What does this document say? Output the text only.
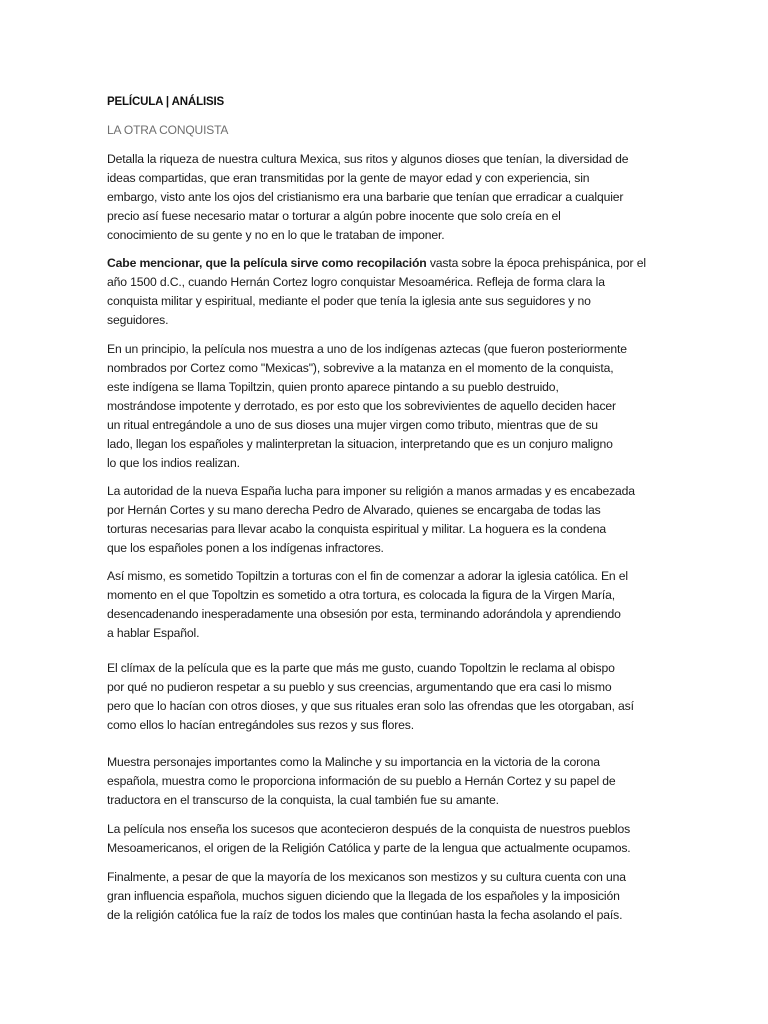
PELÍCULA | ANÁLISIS
LA OTRA CONQUISTA
Detalla la riqueza de nuestra cultura Mexica, sus ritos y algunos dioses que tenían, la diversidad de
ideas compartidas, que eran transmitidas por la gente de mayor edad y con experiencia, sin
embargo, visto ante los ojos del cristianismo era una barbarie que tenían que erradicar a cualquier
precio así fuese necesario matar o torturar a algún pobre inocente que solo creía en el
conocimiento de su gente y no en lo que le trataban de imponer.
Cabe mencionar, que la película sirve como recopilación vasta sobre la época prehispánica, por el
año 1500 d.C., cuando Hernán Cortez logro conquistar Mesoamérica. Refleja de forma clara la
conquista militar y espiritual, mediante el poder que tenía la iglesia ante sus seguidores y no
seguidores.
En un principio, la película nos muestra a uno de los indígenas aztecas (que fueron posteriormente
nombrados por Cortez como "Mexicas"), sobrevive a la matanza en el momento de la conquista,
este indígena se llama Topiltzin, quien pronto aparece pintando a su pueblo destruido,
mostrándose impotente y derrotado, es por esto que los sobrevivientes de aquello deciden hacer
un ritual entregándole a uno de sus dioses una mujer virgen como tributo, mientras que de su
lado, llegan los españoles y malinterpretan la situacion, interpretando que es un conjuro maligno
lo que los indios realizan.
La autoridad de la nueva España lucha para imponer su religión a manos armadas y es encabezada
por Hernán Cortes y su mano derecha Pedro de Alvarado, quienes se encargaba de todas las
torturas necesarias para llevar acabo la conquista espiritual y militar. La hoguera es la condena
que los españoles ponen a los indígenas infractores.
Así mismo, es sometido Topiltzin a torturas con el fin de comenzar a adorar la iglesia católica. En el
momento en el que Topoltzin es sometido a otra tortura, es colocada la figura de la Virgen María,
desencadenando inesperadamente una obsesión por esta, terminando adorándola y aprendiendo
a hablar Español.
El clímax de la película que es la parte que más me gusto, cuando Topoltzin le reclama al obispo
por qué no pudieron respetar a su pueblo y sus creencias, argumentando que era casi lo mismo
pero que lo hacían con otros dioses, y que sus rituales eran solo las ofrendas que les otorgaban, así
como ellos lo hacían entregándoles sus rezos y sus flores.
Muestra personajes importantes como la Malinche y su importancia en la victoria de la corona
española, muestra como le proporciona información de su pueblo a Hernán Cortez y su papel de
traductora en el transcurso de la conquista, la cual también fue su amante.
La película nos enseña los sucesos que acontecieron después de la conquista de nuestros pueblos
Mesoamericanos, el origen de la Religión Católica y parte de la lengua que actualmente ocupamos.
Finalmente, a pesar de que la mayoría de los mexicanos son mestizos y su cultura cuenta con una
gran influencia española, muchos siguen diciendo que la llegada de los españoles y la imposición
de la religión católica fue la raíz de todos los males que continúan hasta la fecha asolando el país.
